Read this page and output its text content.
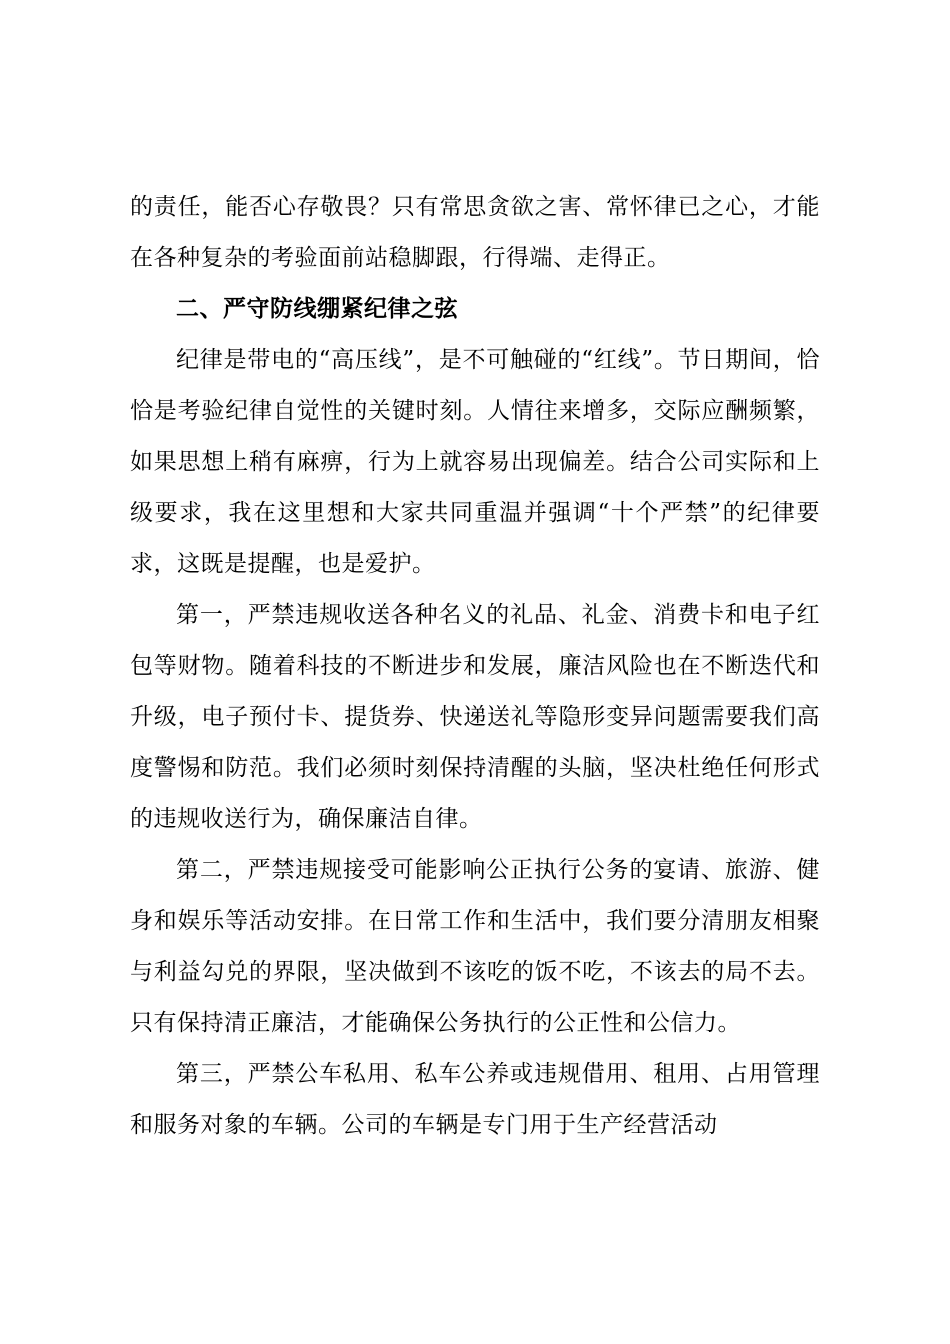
的责任，能否心存敬畏？只有常思贪欲之害、常怀律已之心，才能在各种复杂的考验面前站稳脚跟，行得端、走得正。

二、严守防线绷紧纪律之弦

纪律是带电的“高压线”，是不可触碰的“红线”。节日期间，恰恰是考验纪律自觉性的关键时刻。人情往来增多，交际应酬频繁，如果思想上稍有麻痹，行为上就容易出现偏差。结合公司实际和上级要求，我在这里想和大家共同重温并强调“十个严禁”的纪律要求，这既是提醒，也是爱护。

第一，严禁违规收送各种名义的礼品、礼金、消费卡和电子红包等财物。随着科技的不断进步和发展，廉洁风险也在不断迭代和升级，电子预付卡、提货券、快递送礼等隐形变异问题需要我们高度警惕和防范。我们必须时刻保持清醒的头脑，坚决杜绝任何形式的违规收送行为，确保廉洁自律。

第二，严禁违规接受可能影响公正执行公务的宴请、旅游、健身和娱乐等活动安排。在日常工作和生活中，我们要分清朋友相聚与利益勾兑的界限，坚决做到不该吃的饭不吃，不该去的局不去。只有保持清正廉洁，才能确保公务执行的公正性和公信力。

第三，严禁公车私用、私车公养或违规借用、租用、占用管理和服务对象的车辆。公司的车辆是专门用于生产经营活动
